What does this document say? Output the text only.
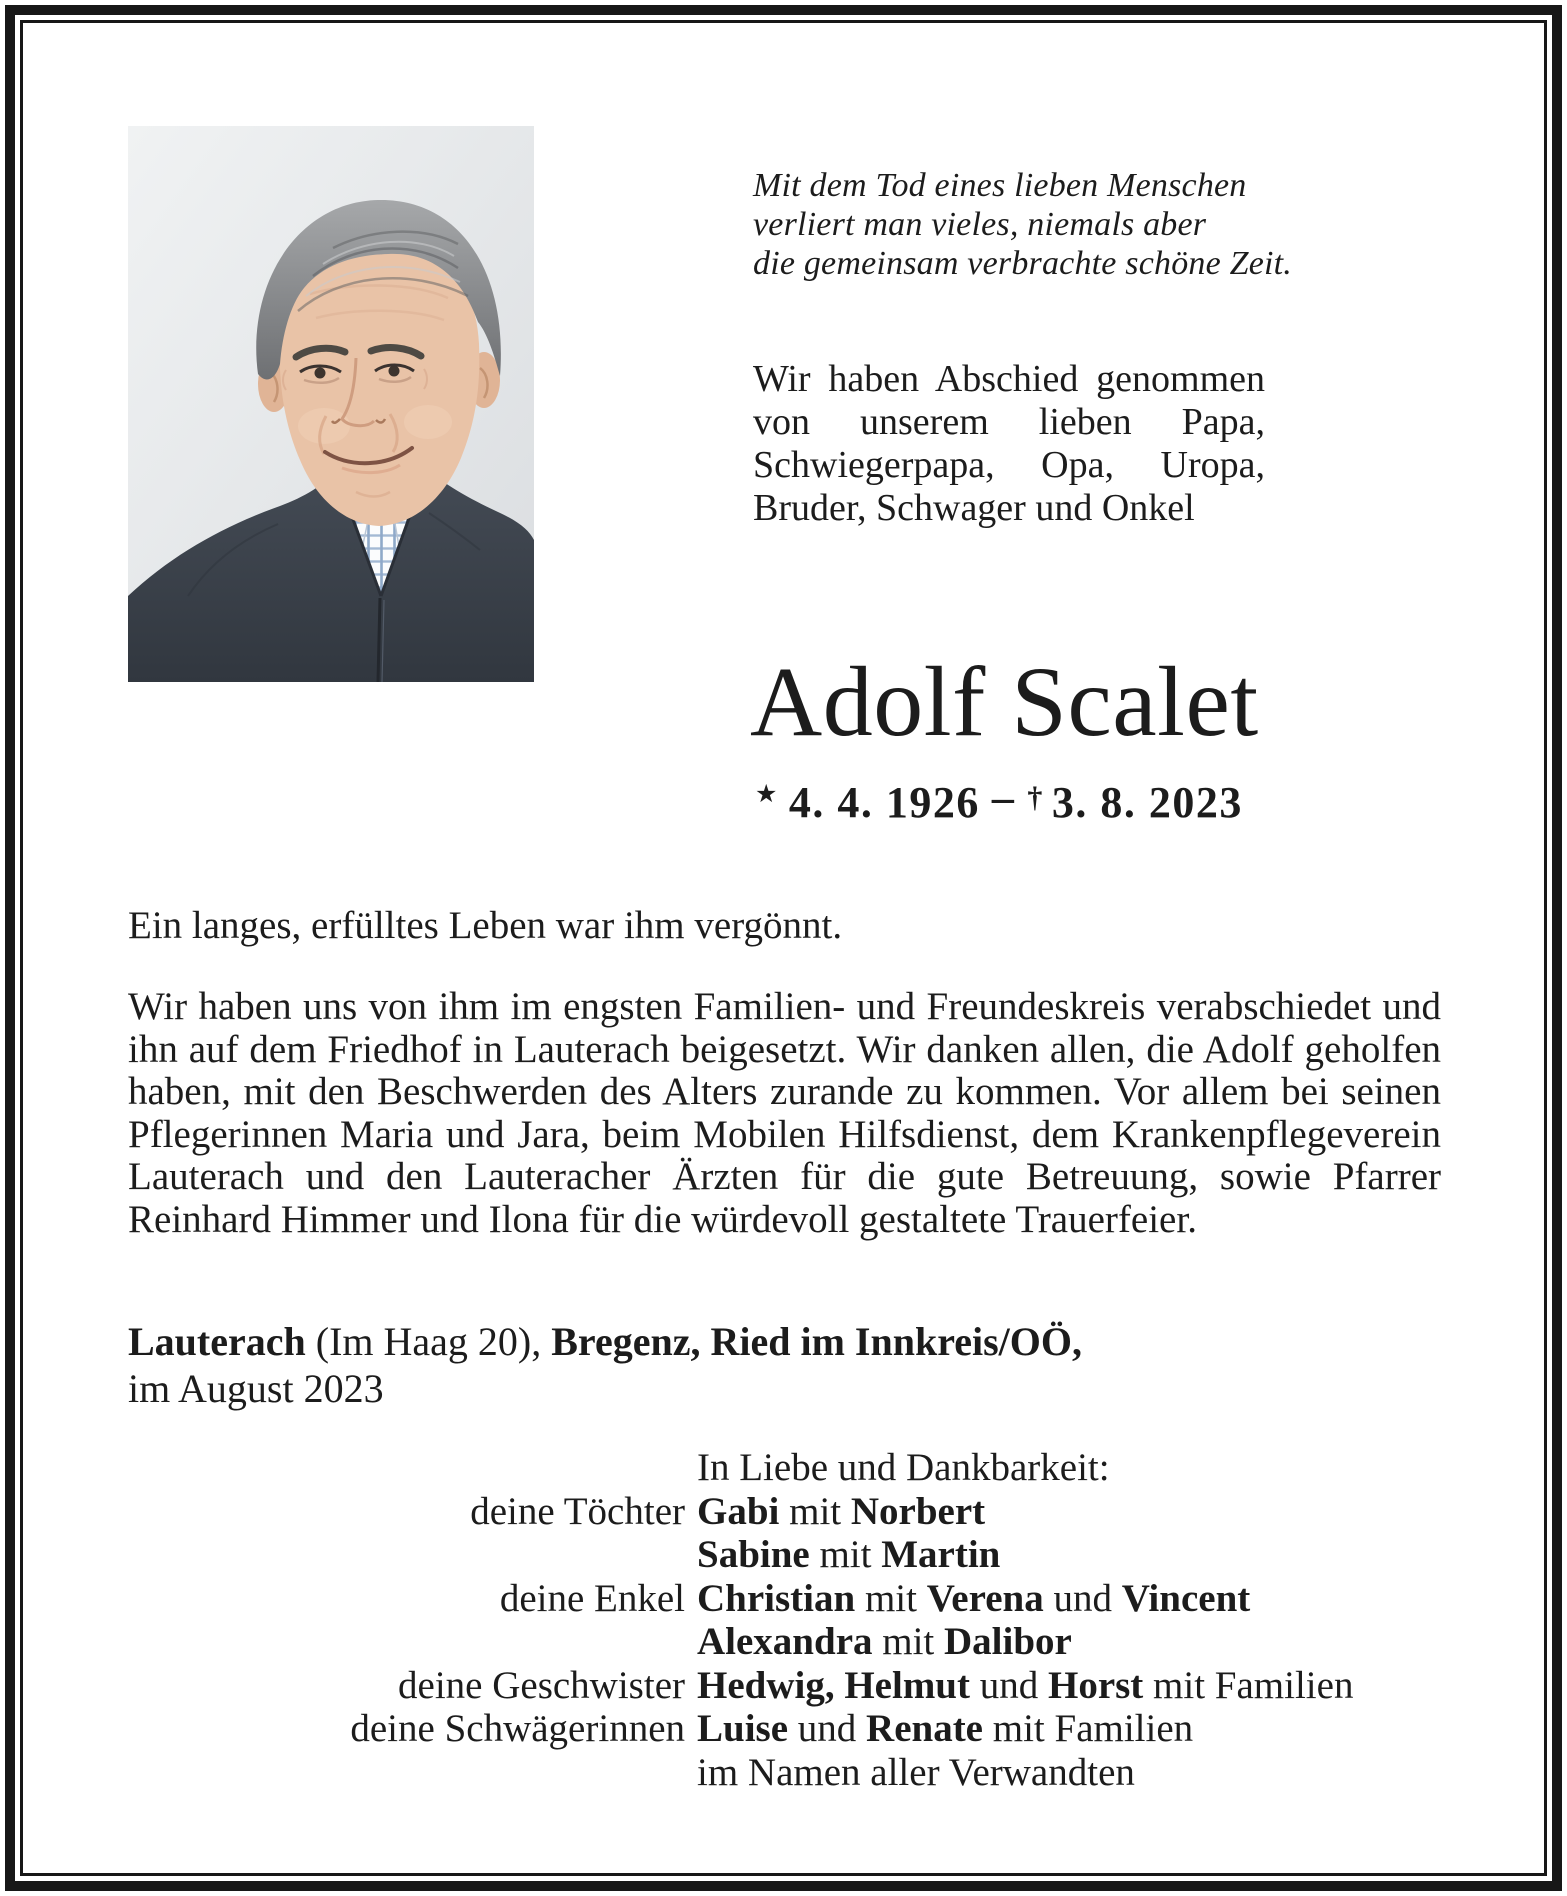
Mit dem Tod eines lieben Menschen
verliert man vieles, niemals aber
die gemeinsam verbrachte schöne Zeit.
Wir haben Abschied genommen von unserem lieben Papa, Schwiegerpapa, Opa, Uropa, Bruder, Schwager und Onkel
Adolf Scalet
★ 4. 4. 1926 – † 3. 8. 2023
Ein langes, erfülltes Leben war ihm vergönnt.
Wir haben uns von ihm im engsten Familien- und Freundeskreis verabschiedet und ihn auf dem Friedhof in Lauterach beigesetzt. Wir danken allen, die Adolf geholfen haben, mit den Beschwerden des Alters zurande zu kommen. Vor allem bei seinen Pflegerinnen Maria und Jara, beim Mobilen Hilfsdienst, dem Krankenpflegeverein Lauterach und den Lauteracher Ärzten für die gute Betreuung, sowie Pfarrer Reinhard Himmer und Ilona für die würdevoll gestaltete Trauerfeier.
Lauterach (Im Haag 20), Bregenz, Ried im Innkreis/OÖ,
im August 2023
In Liebe und Dankbarkeit:
deine Töchter Gabi mit Norbert
Sabine mit Martin
deine Enkel Christian mit Verena und Vincent
Alexandra mit Dalibor
deine Geschwister Hedwig, Helmut und Horst mit Familien
deine Schwägerinnen Luise und Renate mit Familien
im Namen aller Verwandten
